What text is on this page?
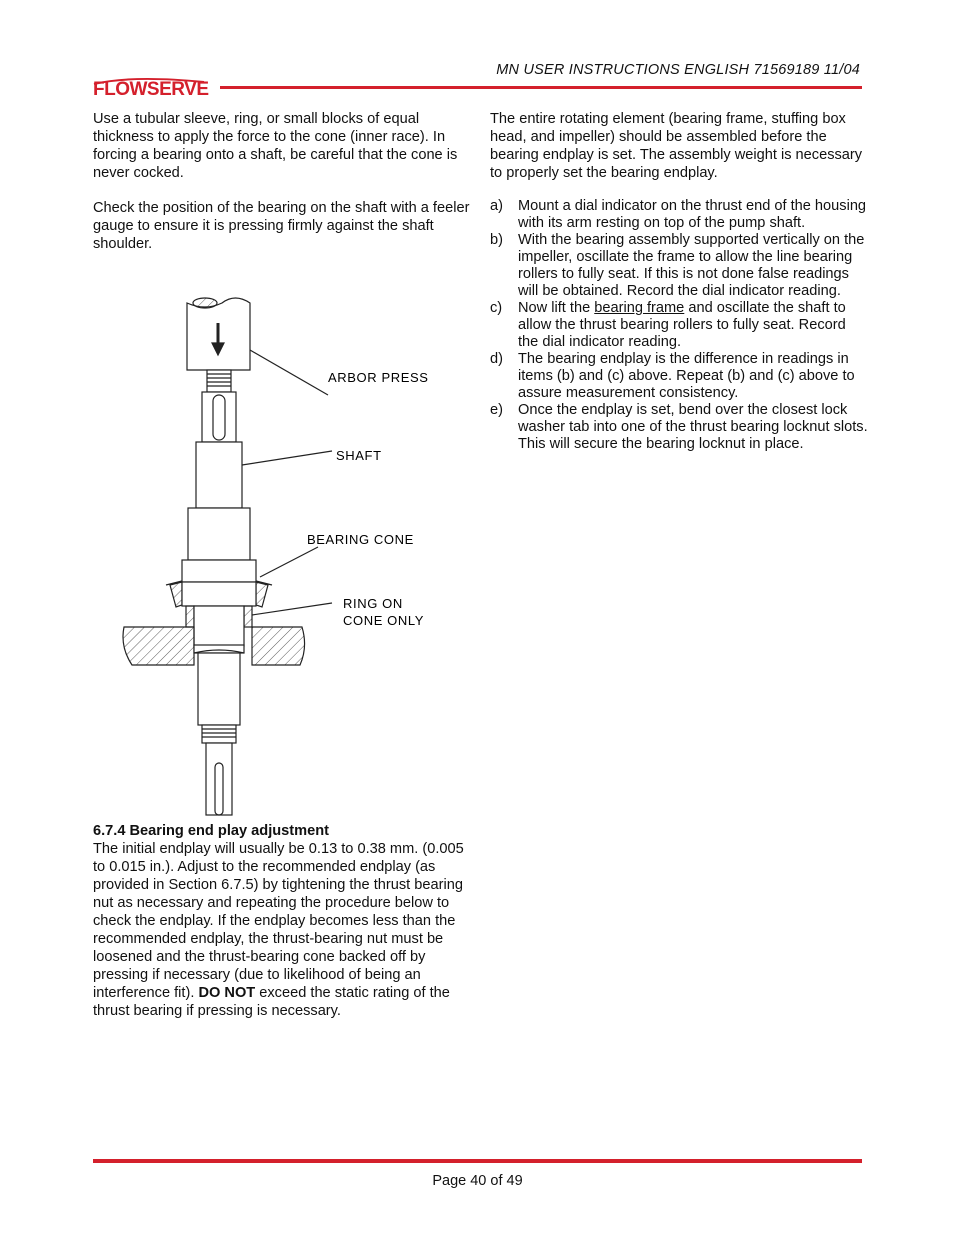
FLOWSERVE
MN USER INSTRUCTIONS ENGLISH 71569189 11/04
Use a tubular sleeve, ring, or small blocks of equal thickness to apply the force to the cone (inner race). In forcing a bearing onto a shaft, be careful that the cone is never cocked.
Check the position of the bearing on the shaft with a feeler gauge to ensure it is pressing firmly against the shaft shoulder.
ARBOR PRESS
SHAFT
BEARING CONE
RING ON
CONE ONLY
6.7.4 Bearing end play adjustment
The initial endplay will usually be 0.13 to 0.38 mm. (0.005 to 0.015 in.). Adjust to the recommended endplay (as provided in Section 6.7.5) by tightening the thrust bearing nut as necessary and repeating the procedure below to check the endplay. If the endplay becomes less than the recommended endplay, the thrust-bearing nut must be loosened and the thrust-bearing cone backed off by pressing if necessary (due to likelihood of being an interference fit). DO NOT exceed the static rating of the thrust bearing if pressing is necessary.
The entire rotating element (bearing frame, stuffing box head, and impeller) should be assembled before the bearing endplay is set. The assembly weight is necessary to properly set the bearing endplay.
a)	Mount a dial indicator on the thrust end of the housing with its arm resting on top of the pump shaft.
b)	With the bearing assembly supported vertically on the impeller, oscillate the frame to allow the line bearing rollers to fully seat. If this is not done false readings will be obtained. Record the dial indicator reading.
c)	Now lift the bearing frame and oscillate the shaft to allow the thrust bearing rollers to fully seat. Record the dial indicator reading.
d)	The bearing endplay is the difference in readings in items (b) and (c) above. Repeat (b) and (c) above to assure measurement consistency.
e)	Once the endplay is set, bend over the closest lock washer tab into one of the thrust bearing locknut slots. This will secure the bearing locknut in place.
Page 40 of 49
